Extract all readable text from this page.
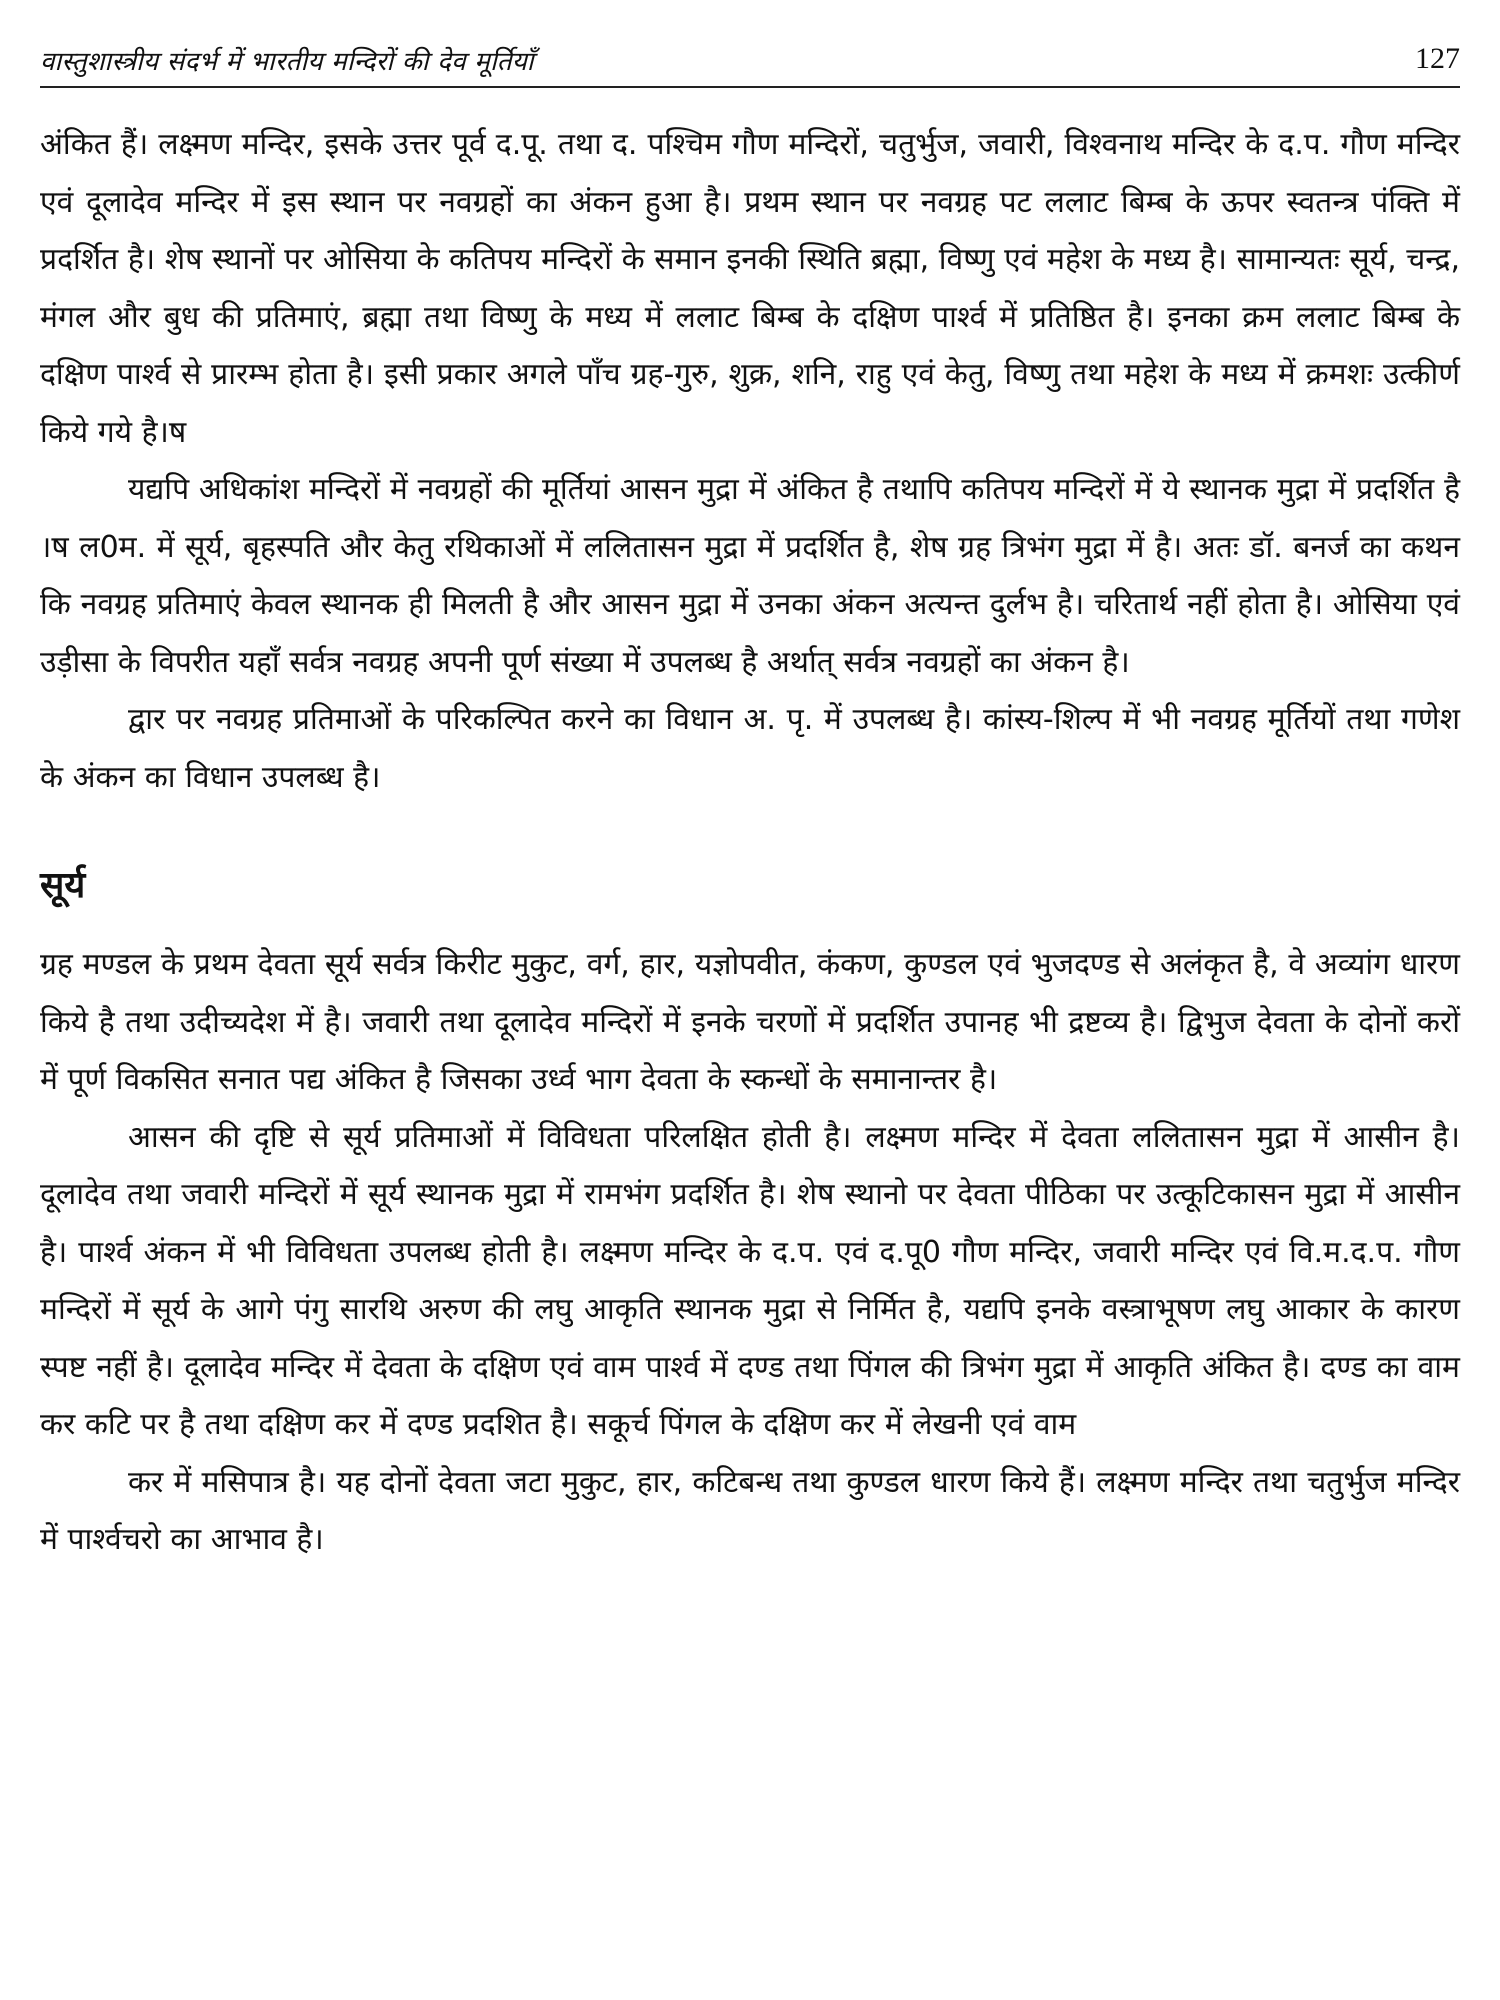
वास्तुशास्त्रीय संदर्भ में भारतीय मन्दिरों की देव मूर्तियाँ	127

अंकित हैं। लक्ष्मण मन्दिर, इसके उत्तर पूर्व द.पू. तथा द. पश्चिम गौण मन्दिरों, चतुर्भुज, जवारी, विश्वनाथ मन्दिर के द.प. गौण मन्दिर एवं दूलादेव मन्दिर में इस स्थान पर नवग्रहों का अंकन हुआ है। प्रथम स्थान पर नवग्रह पट ललाट बिम्ब के ऊपर स्वतन्त्र पंक्ति में प्रदर्शित है। शेष स्थानों पर ओसिया के कतिपय मन्दिरों के समान इनकी स्थिति ब्रह्मा, विष्णु एवं महेश के मध्य है। सामान्यतः सूर्य, चन्द्र, मंगल और बुध की प्रतिमाएं, ब्रह्मा तथा विष्णु के मध्य में ललाट बिम्ब के दक्षिण पार्श्व में प्रतिष्ठित है। इनका क्रम ललाट बिम्ब के दक्षिण पार्श्व से प्रारम्भ होता है। इसी प्रकार अगले पाँच ग्रह-गुरु, शुक्र, शनि, राहु एवं केतु, विष्णु तथा महेश के मध्य में क्रमशः उत्कीर्ण किये गये है।ष

यद्यपि अधिकांश मन्दिरों में नवग्रहों की मूर्तियां आसन मुद्रा में अंकित है तथापि कतिपय मन्दिरों में ये स्थानक मुद्रा में प्रदर्शित है ।ष ल0म. में सूर्य, बृहस्पति और केतु रथिकाओं में ललितासन मुद्रा में प्रदर्शित है, शेष ग्रह त्रिभंग मुद्रा में है। अतः डॉ. बनर्ज का कथन कि नवग्रह प्रतिमाएं केवल स्थानक ही मिलती है और आसन मुद्रा में उनका अंकन अत्यन्त दुर्लभ है। चरितार्थ नहीं होता है। ओसिया एवं उड़ीसा के विपरीत यहाँ सर्वत्र नवग्रह अपनी पूर्ण संख्या में उपलब्ध है अर्थात् सर्वत्र नवग्रहों का अंकन है।

द्वार पर नवग्रह प्रतिमाओं के परिकल्पित करने का विधान अ. पृ. में उपलब्ध है। कांस्य-शिल्प में भी नवग्रह मूर्तियों तथा गणेश के अंकन का विधान उपलब्ध है।

सूर्य

ग्रह मण्डल के प्रथम देवता सूर्य सर्वत्र किरीट मुकुट, वर्ग, हार, यज्ञोपवीत, कंकण, कुण्डल एवं भुजदण्ड से अलंकृत है, वे अव्यांग धारण किये है तथा उदीच्यदेश में है। जवारी तथा दूलादेव मन्दिरों में इनके चरणों में प्रदर्शित उपानह भी द्रष्टव्य है। द्विभुज देवता के दोनों करों में पूर्ण विकसित सनात पद्य अंकित है जिसका उर्ध्व भाग देवता के स्कन्धों के समानान्तर है।

आसन की दृष्टि से सूर्य प्रतिमाओं में विविधता परिलक्षित होती है। लक्ष्मण मन्दिर में देवता ललितासन मुद्रा में आसीन है। दूलादेव तथा जवारी मन्दिरों में सूर्य स्थानक मुद्रा में रामभंग प्रदर्शित है। शेष स्थानो पर देवता पीठिका पर उत्कूटिकासन मुद्रा में आसीन है। पार्श्व अंकन में भी विविधता उपलब्ध होती है। लक्ष्मण मन्दिर के द.प. एवं द.पू0 गौण मन्दिर, जवारी मन्दिर एवं वि.म.द.प. गौण मन्दिरों में सूर्य के आगे पंगु सारथि अरुण की लघु आकृति स्थानक मुद्रा से निर्मित है, यद्यपि इनके वस्त्राभूषण लघु आकार के कारण स्पष्ट नहीं है। दूलादेव मन्दिर में देवता के दक्षिण एवं वाम पार्श्व में दण्ड तथा पिंगल की त्रिभंग मुद्रा में आकृति अंकित है। दण्ड का वाम कर कटि पर है तथा दक्षिण कर में दण्ड प्रदशित है। सकूर्च पिंगल के दक्षिण कर में लेखनी एवं वाम

कर में मसिपात्र है। यह दोनों देवता जटा मुकुट, हार, कटिबन्ध तथा कुण्डल धारण किये हैं। लक्ष्मण मन्दिर तथा चतुर्भुज मन्दिर में पार्श्वचरो का आभाव है।
